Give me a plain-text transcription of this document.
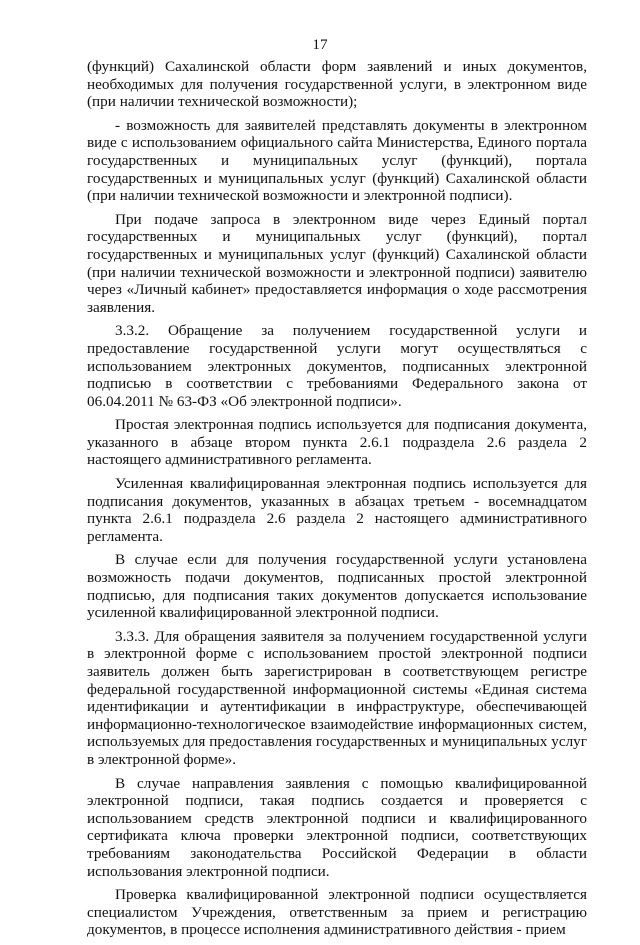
17

(функций) Сахалинской области форм заявлений и иных документов, необходимых для получения государственной услуги, в электронном виде (при наличии технической возможности);

- возможность для заявителей представлять документы в электронном виде с использованием официального сайта Министерства, Единого портала государственных и муниципальных услуг (функций), портала государственных и муниципальных услуг (функций) Сахалинской области (при наличии технической возможности и электронной подписи).

При подаче запроса в электронном виде через Единый портал государственных и муниципальных услуг (функций), портал государственных и муниципальных услуг (функций) Сахалинской области (при наличии технической возможности и электронной подписи) заявителю через «Личный кабинет» предоставляется информация о ходе рассмотрения заявления.

3.3.2. Обращение за получением государственной услуги и предоставление государственной услуги могут осуществляться с использованием электронных документов, подписанных электронной подписью в соответствии с требованиями Федерального закона от 06.04.2011 № 63-ФЗ «Об электронной подписи».

Простая электронная подпись используется для подписания документа, указанного в абзаце втором пункта 2.6.1 подраздела 2.6 раздела 2 настоящего административного регламента.

Усиленная квалифицированная электронная подпись используется для подписания документов, указанных в абзацах третьем - восемнадцатом пункта 2.6.1 подраздела 2.6 раздела 2 настоящего административного регламента.

В случае если для получения государственной услуги установлена возможность подачи документов, подписанных простой электронной подписью, для подписания таких документов допускается использование усиленной квалифицированной электронной подписи.

3.3.3. Для обращения заявителя за получением государственной услуги в электронной форме с использованием простой электронной подписи заявитель должен быть зарегистрирован в соответствующем регистре федеральной государственной информационной системы «Единая система идентификации и аутентификации в инфраструктуре, обеспечивающей информационно-технологическое взаимодействие информационных систем, используемых для предоставления государственных и муниципальных услуг в электронной форме».

В случае направления заявления с помощью квалифицированной электронной подписи, такая подпись создается и проверяется с использованием средств электронной подписи и квалифицированного сертификата ключа проверки электронной подписи, соответствующих требованиям законодательства Российской Федерации в области использования электронной подписи.

Проверка квалифицированной электронной подписи осуществляется специалистом Учреждения, ответственным за прием и регистрацию документов, в процессе исполнения административного действия - прием
